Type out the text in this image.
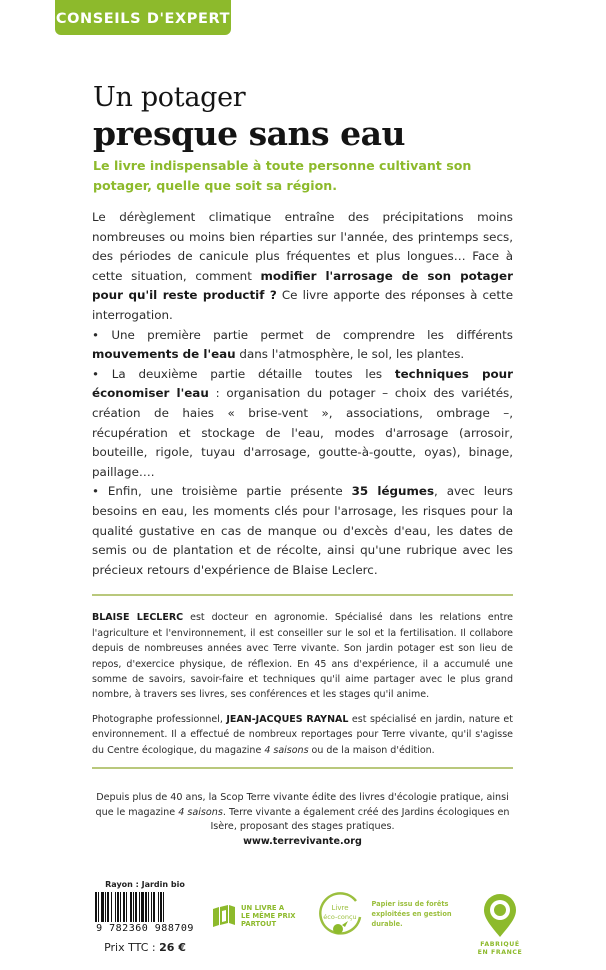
CONSEILS D'EXPERT
Un potager
presque sans eau

Le livre indispensable à toute personne cultivant son potager, quelle que soit sa région.

Le dérèglement climatique entraîne des précipitations moins nombreuses ou moins bien réparties sur l'année, des printemps secs, des périodes de canicule plus fréquentes et plus longues… Face à cette situation, comment modifier l'arrosage de son potager pour qu'il reste productif ? Ce livre apporte des réponses à cette interrogation.

• Une première partie permet de comprendre les différents mouvements de l'eau dans l'atmosphère, le sol, les plantes.

• La deuxième partie détaille toutes les techniques pour économiser l'eau : organisation du potager – choix des variétés, création de haies « brise-vent », associations, ombrage –, récupération et stockage de l'eau, modes d'arrosage (arrosoir, bouteille, rigole, tuyau d'arrosage, goutte-à-goutte, oyas), binage, paillage….

• Enfin, une troisième partie présente 35 légumes, avec leurs besoins en eau, les moments clés pour l'arrosage, les risques pour la qualité gustative en cas de manque ou d'excès d'eau, les dates de semis ou de plantation et de récolte, ainsi qu'une rubrique avec les précieux retours d'expérience de Blaise Leclerc.

BLAISE LECLERC est docteur en agronomie. Spécialisé dans les relations entre l'agriculture et l'environnement, il est conseiller sur le sol et la fertilisation. Il collabore depuis de nombreuses années avec Terre vivante. Son jardin potager est son lieu de repos, d'exercice physique, de réflexion. En 45 ans d'expérience, il a accumulé une somme de savoirs, savoir-faire et techniques qu'il aime partager avec le plus grand nombre, à travers ses livres, ses conférences et les stages qu'il anime.

Photographe professionnel, JEAN-JACQUES RAYNAL est spécialisé en jardin, nature et environnement. Il a effectué de nombreux reportages pour Terre vivante, qu'il s'agisse du Centre écologique, du magazine 4 saisons ou de la maison d'édition.

Depuis plus de 40 ans, la Scop Terre vivante édite des livres d'écologie pratique, ainsi que le magazine 4 saisons. Terre vivante a également créé des Jardins écologiques en Isère, proposant des stages pratiques.

www.terrevivante.org

Rayon : Jardin bio
9 782360 988709
Prix TTC : 26 €
UN LIVRE A
LE MÊME PRIX
PARTOUT
Livre
éco-conçu
Papier issu de forêts
exploitées en gestion
durable.
FABRIQUÉ
EN FRANCE
